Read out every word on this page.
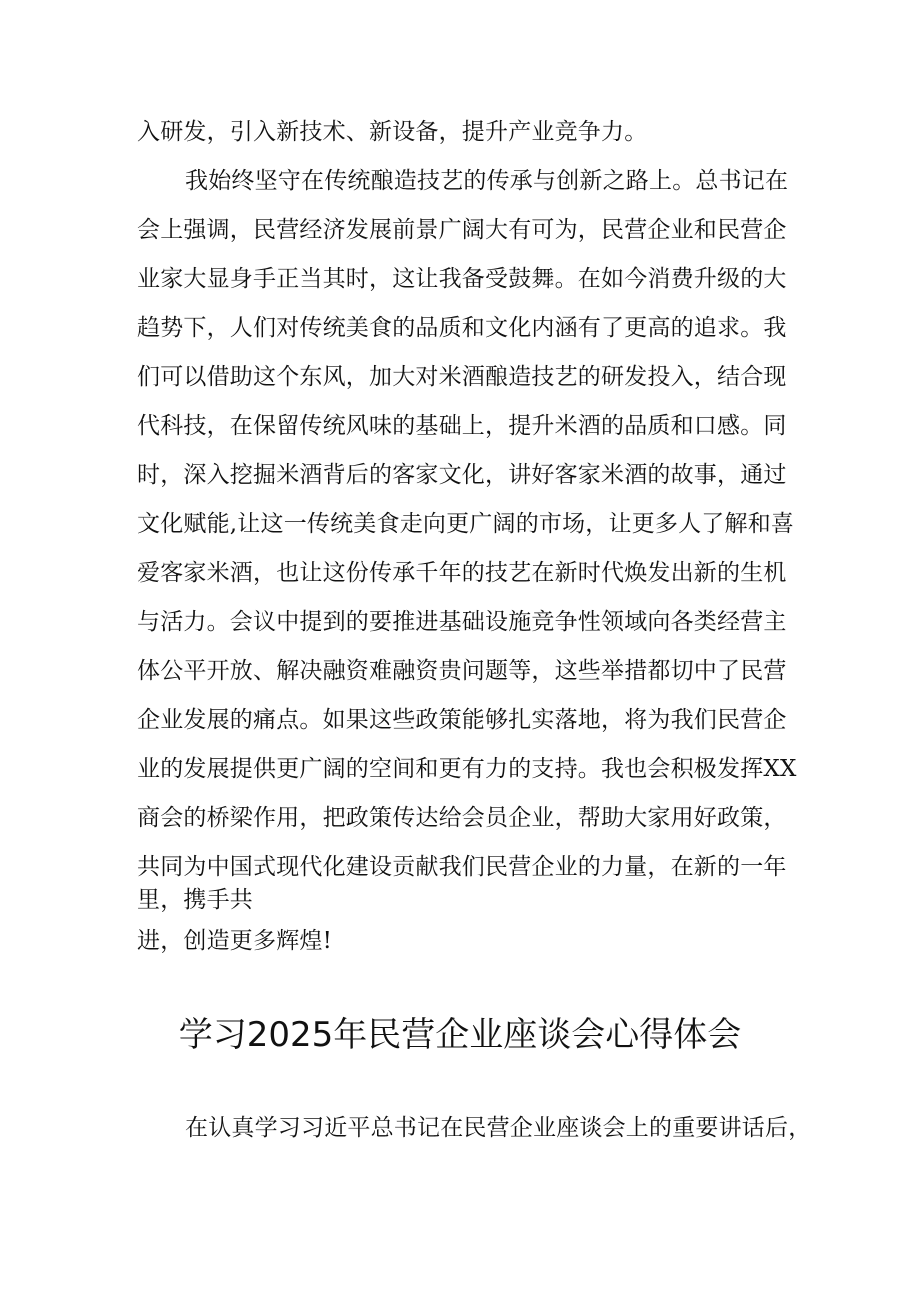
入研发，引入新技术、新设备，提升产业竞争力。
我始终坚守在传统酿造技艺的传承与创新之路上。总书记在
会上强调，民营经济发展前景广阔大有可为，民营企业和民营企
业家大显身手正当其时，这让我备受鼓舞。在如今消费升级的大
趋势下，人们对传统美食的品质和文化内涵有了更高的追求。我
们可以借助这个东风，加大对米酒酿造技艺的研发投入，结合现
代科技，在保留传统风味的基础上，提升米酒的品质和口感。同
时，深入挖掘米酒背后的客家文化，讲好客家米酒的故事，通过
文化赋能,让这一传统美食走向更广阔的市场，让更多人了解和喜
爱客家米酒，也让这份传承千年的技艺在新时代焕发出新的生机
与活力。会议中提到的要推进基础设施竞争性领域向各类经营主
体公平开放、解决融资难融资贵问题等，这些举措都切中了民营
企业发展的痛点。如果这些政策能够扎实落地，将为我们民营企
业的发展提供更广阔的空间和更有力的支持。我也会积极发挥XX
商会的桥梁作用，把政策传达给会员企业，帮助大家用好政策，
共同为中国式现代化建设贡献我们民营企业的力量，在新的一年
里，携手共
进，创造更多辉煌!
学习2025年民营企业座谈会心得体会
在认真学习习近平总书记在民营企业座谈会上的重要讲话后，
